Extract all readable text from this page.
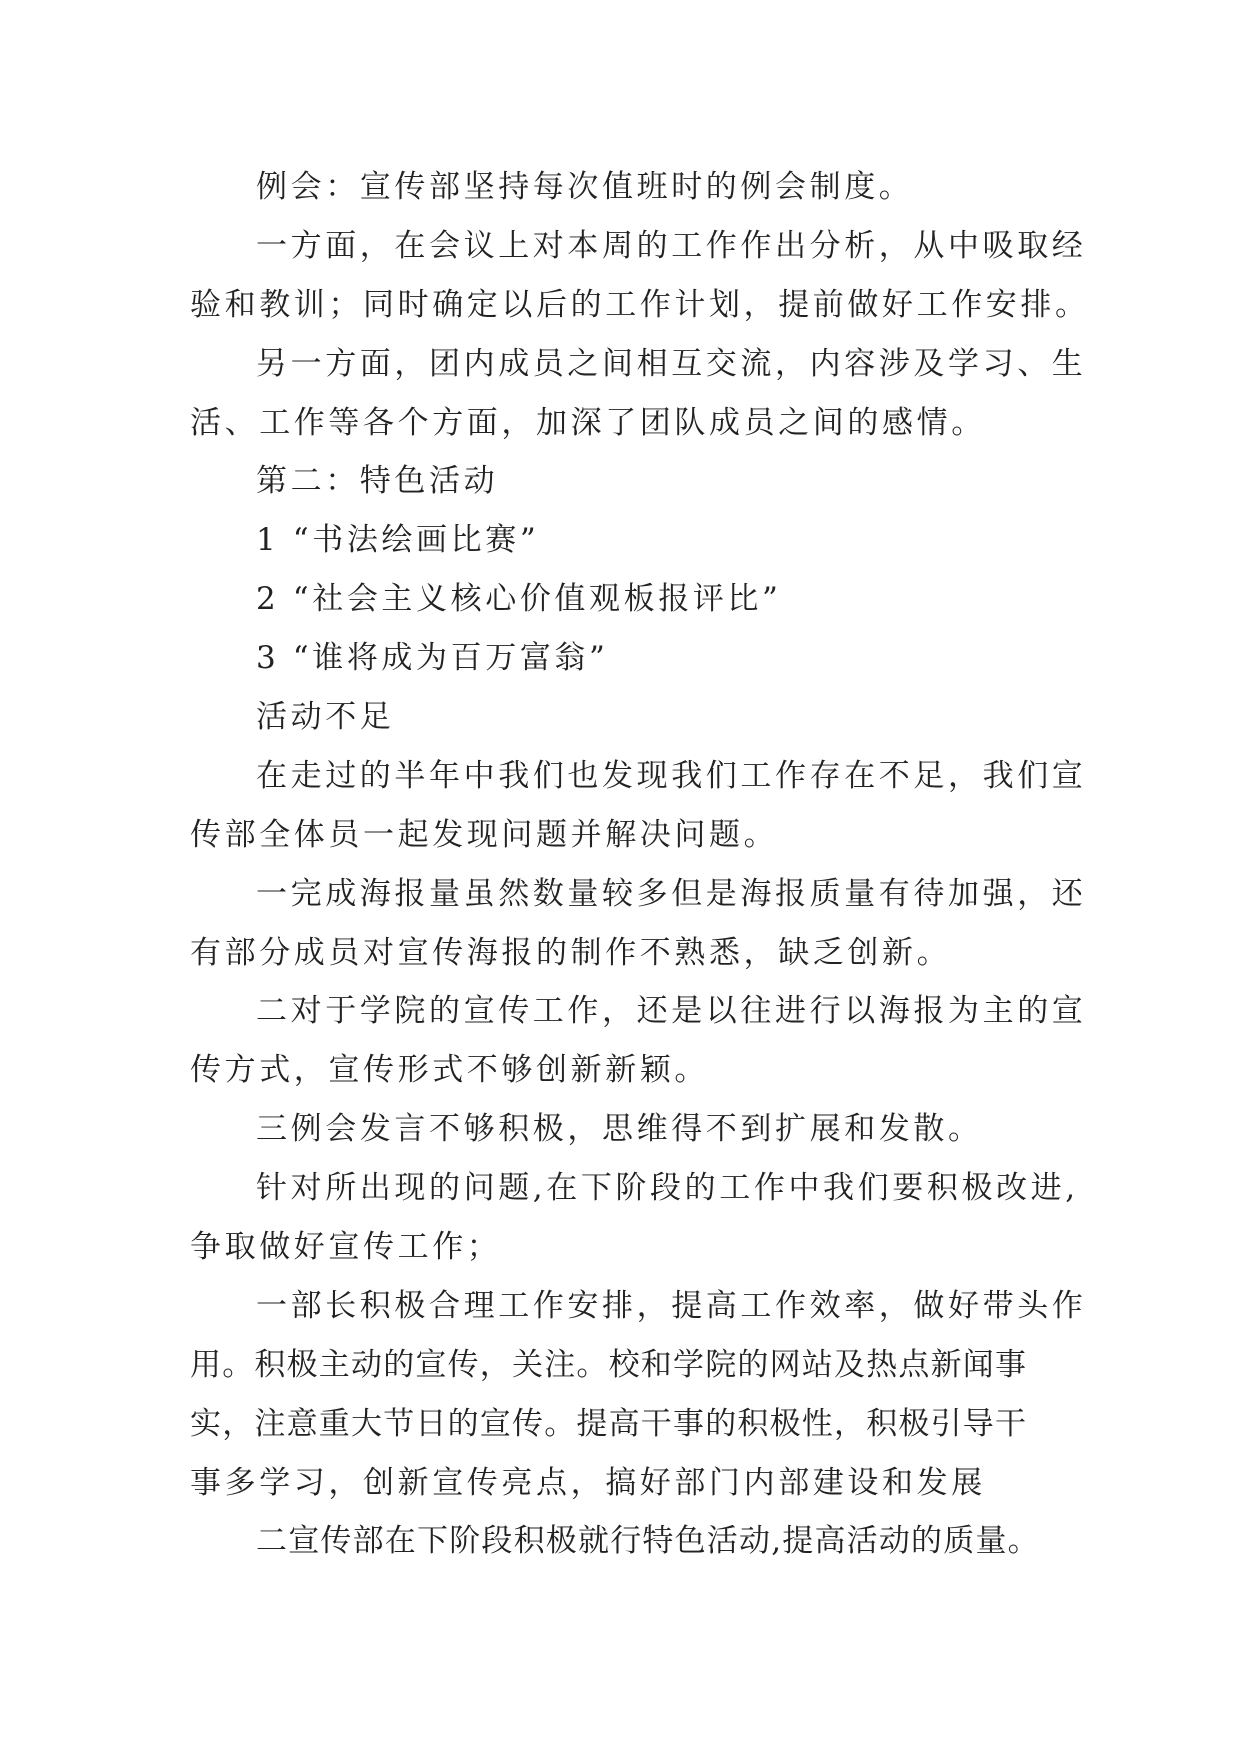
例会：宣传部坚持每次值班时的例会制度。
一方面，在会议上对本周的工作作出分析，从中吸取经
验和教训；同时确定以后的工作计划，提前做好工作安排。
另一方面，团内成员之间相互交流，内容涉及学习、生
活、工作等各个方面，加深了团队成员之间的感情。
第二：特色活动
1 “书法绘画比赛”
2 “社会主义核心价值观板报评比”
3 “谁将成为百万富翁”
活动不足
在走过的半年中我们也发现我们工作存在不足，我们宣
传部全体员一起发现问题并解决问题。
一完成海报量虽然数量较多但是海报质量有待加强，还
有部分成员对宣传海报的制作不熟悉，缺乏创新。
二对于学院的宣传工作，还是以往进行以海报为主的宣
传方式，宣传形式不够创新新颖。
三例会发言不够积极，思维得不到扩展和发散。
针对所出现的问题,在下阶段的工作中我们要积极改进,
争取做好宣传工作；
一部长积极合理工作安排，提高工作效率，做好带头作
用。积极主动的宣传，关注。校和学院的网站及热点新闻事
实，注意重大节日的宣传。提高干事的积极性，积极引导干
事多学习，创新宣传亮点，搞好部门内部建设和发展
二宣传部在下阶段积极就行特色活动,提高活动的质量。
